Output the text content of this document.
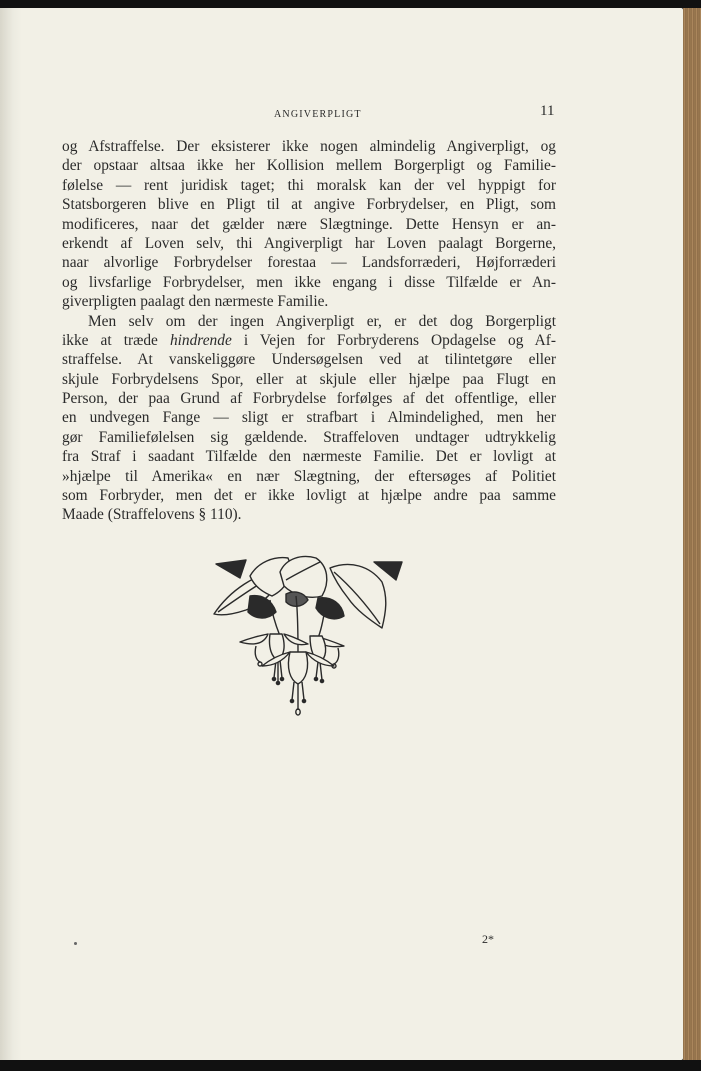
ANGIVERPLIGT	11
og Afstraffelse. Der eksisterer ikke nogen almindelig Angiverpligt, og
der opstaar altsaa ikke her Kollision mellem Borgerpligt og Familie-
følelse — rent juridisk taget; thi moralsk kan der vel hyppigt for
Statsborgeren blive en Pligt til at angive Forbrydelser, en Pligt, som
modificeres, naar det gælder nære Slægtninge. Dette Hensyn er an-
erkendt af Loven selv, thi Angiverpligt har Loven paalagt Borgerne,
naar alvorlige Forbrydelser forestaa — Landsforræderi, Højforræderi
og livsfarlige Forbrydelser, men ikke engang i disse Tilfælde er An-
giverpligten paalagt den nærmeste Familie.
Men selv om der ingen Angiverpligt er, er det dog Borgerpligt
ikke at træde hindrende i Vejen for Forbryderens Opdagelse og Af-
straffelse. At vanskeliggøre Undersøgelsen ved at tilintetgøre eller
skjule Forbrydelsens Spor, eller at skjule eller hjælpe paa Flugt en
Person, der paa Grund af Forbrydelse forfølges af det offentlige, eller
en undvegen Fange — sligt er strafbart i Almindelighed, men her
gør Familiefølelsen sig gældende. Straffeloven undtager udtrykkelig
fra Straf i saadant Tilfælde den nærmeste Familie. Det er lovligt at
»hjælpe til Amerika« en nær Slægtning, der eftersøges af Politiet
som Forbryder, men det er ikke lovligt at hjælpe andre paa samme
Maade (Straffelovens § 110).
2*
